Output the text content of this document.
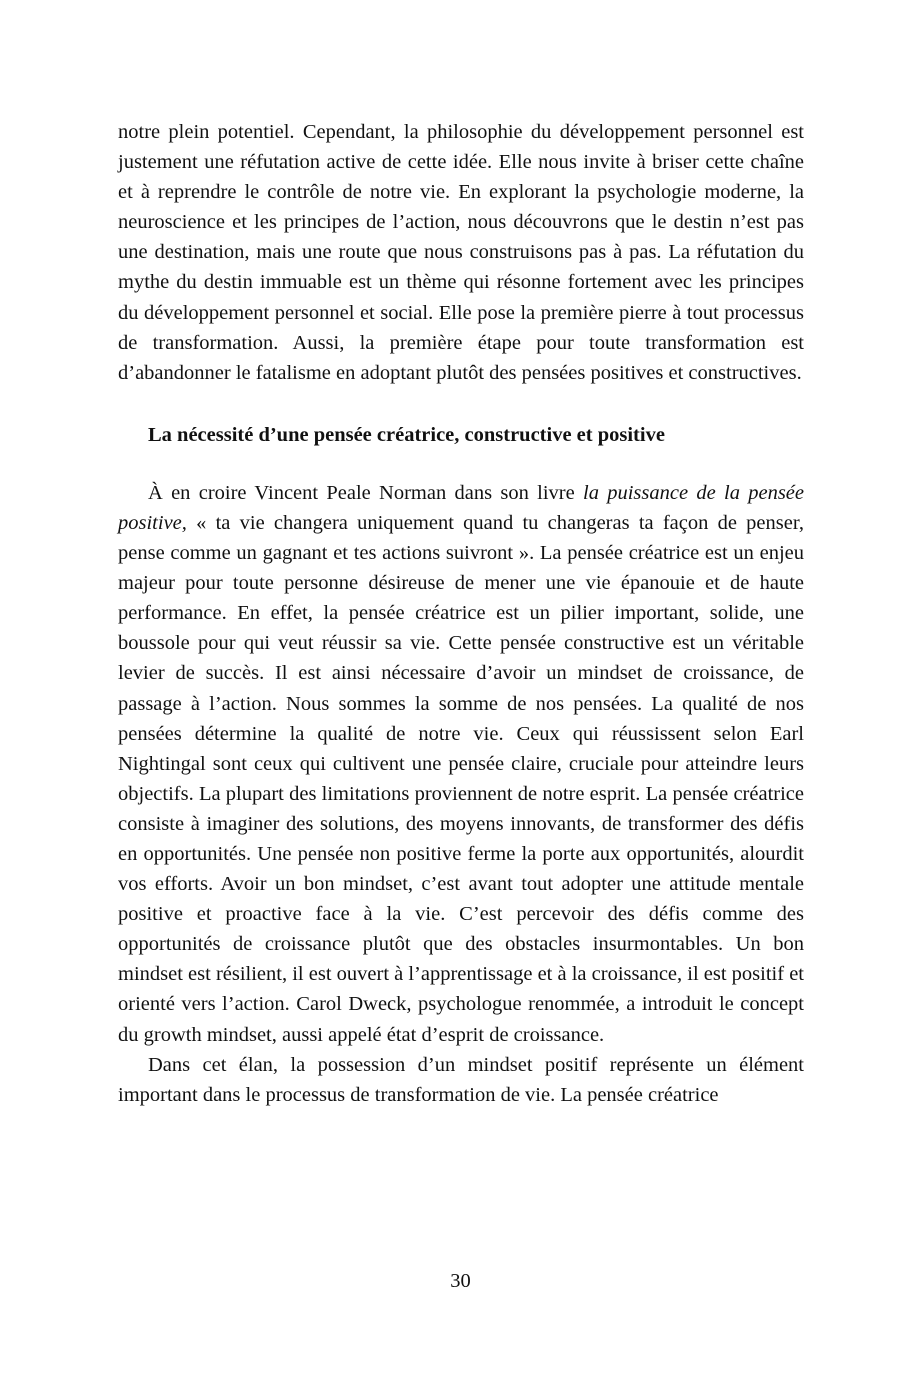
notre plein potentiel. Cependant, la philosophie du développement personnel est justement une réfutation active de cette idée. Elle nous invite à briser cette chaîne et à reprendre le contrôle de notre vie. En explorant la psychologie moderne, la neuroscience et les principes de l’action, nous découvrons que le destin n’est pas une destination, mais une route que nous construisons pas à pas. La réfutation du mythe du destin immuable est un thème qui résonne fortement avec les principes du développement personnel et social. Elle pose la première pierre à tout processus de transformation. Aussi, la première étape pour toute transformation est d’abandonner le fatalisme en adoptant plutôt des pensées positives et constructives.

La nécessité d’une pensée créatrice, constructive et positive

À en croire Vincent Peale Norman dans son livre la puissance de la pensée positive, « ta vie changera uniquement quand tu changeras ta façon de penser, pense comme un gagnant et tes actions suivront ». La pensée créatrice est un enjeu majeur pour toute personne désireuse de mener une vie épanouie et de haute performance. En effet, la pensée créatrice est un pilier important, solide, une boussole pour qui veut réussir sa vie. Cette pensée constructive est un véritable levier de succès. Il est ainsi nécessaire d’avoir un mindset de croissance, de passage à l’action. Nous sommes la somme de nos pensées. La qualité de nos pensées détermine la qualité de notre vie. Ceux qui réussissent selon Earl Nightingal sont ceux qui cultivent une pensée claire, cruciale pour atteindre leurs objectifs. La plupart des limitations proviennent de notre esprit. La pensée créatrice consiste à imaginer des solutions, des moyens innovants, de transformer des défis en opportunités. Une pensée non positive ferme la porte aux opportunités, alourdit vos efforts. Avoir un bon mindset, c’est avant tout adopter une attitude mentale positive et proactive face à la vie. C’est percevoir des défis comme des opportunités de croissance plutôt que des obstacles insurmontables. Un bon mindset est résilient, il est ouvert à l’apprentissage et à la croissance, il est positif et orienté vers l’action. Carol Dweck, psychologue renommée, a introduit le concept du growth mindset, aussi appelé état d’esprit de croissance.

Dans cet élan, la possession d’un mindset positif représente un élément important dans le processus de transformation de vie. La pensée créatrice

30
